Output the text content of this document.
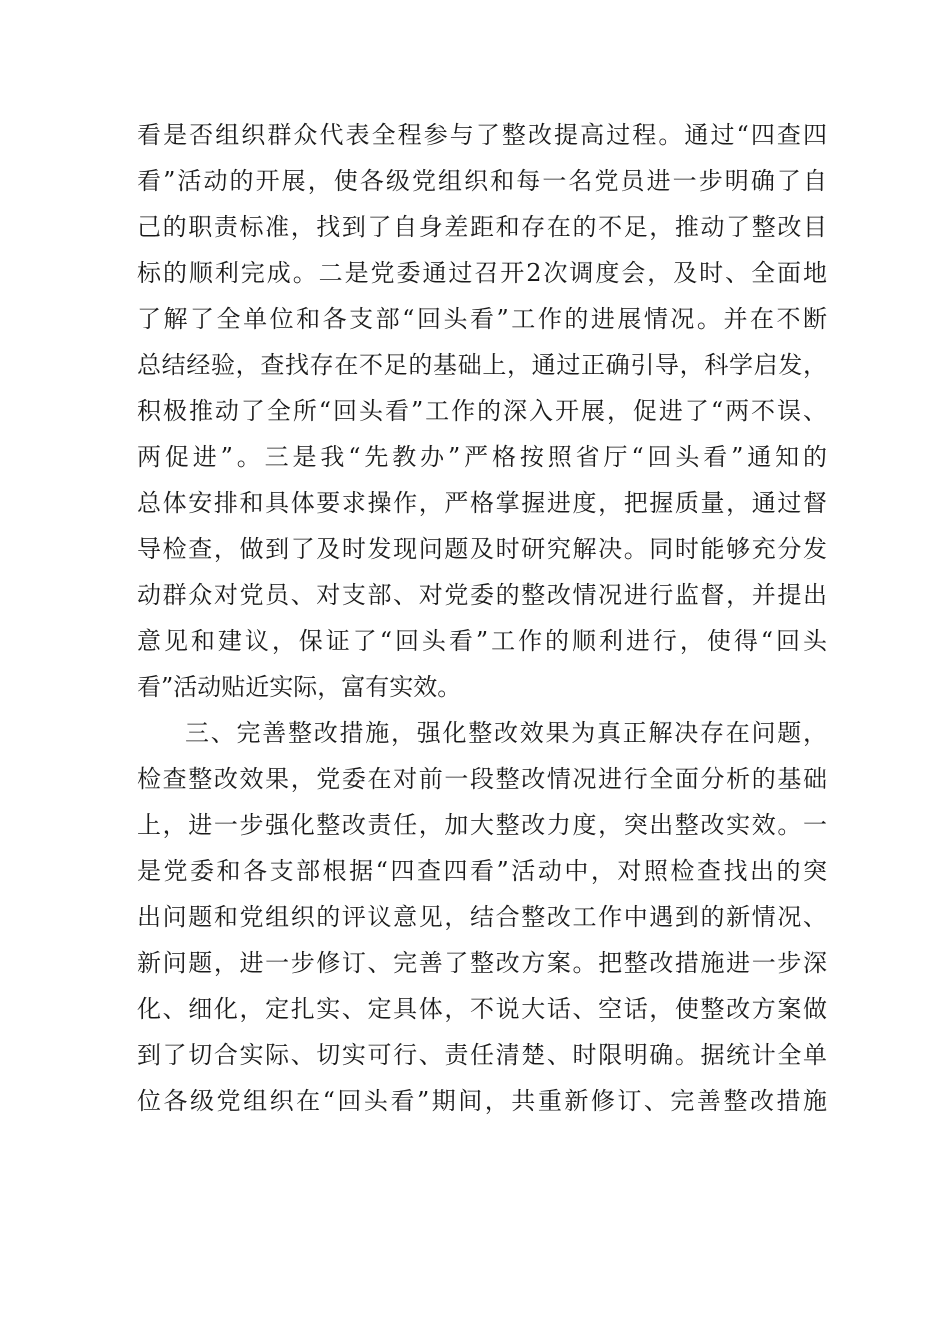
看是否组织群众代表全程参与了整改提高过程。通过“四查四
看”活动的开展，使各级党组织和每一名党员进一步明确了自
己的职责标准，找到了自身差距和存在的不足，推动了整改目
标的顺利完成。二是党委通过召开2次调度会，及时、全面地
了解了全单位和各支部“回头看”工作的进展情况。并在不断
总结经验，查找存在不足的基础上，通过正确引导，科学启发，
积极推动了全所“回头看”工作的深入开展，促进了“两不误、
两促进”。三是我“先教办”严格按照省厅“回头看”通知的
总体安排和具体要求操作，严格掌握进度，把握质量，通过督
导检查，做到了及时发现问题及时研究解决。同时能够充分发
动群众对党员、对支部、对党委的整改情况进行监督，并提出
意见和建议，保证了“回头看”工作的顺利进行，使得“回头
看”活动贴近实际，富有实效。
三、完善整改措施，强化整改效果为真正解决存在问题，
检查整改效果，党委在对前一段整改情况进行全面分析的基础
上，进一步强化整改责任，加大整改力度，突出整改实效。一
是党委和各支部根据“四查四看”活动中，对照检查找出的突
出问题和党组织的评议意见，结合整改工作中遇到的新情况、
新问题，进一步修订、完善了整改方案。把整改措施进一步深
化、细化，定扎实、定具体，不说大话、空话，使整改方案做
到了切合实际、切实可行、责任清楚、时限明确。据统计全单
位各级党组织在“回头看”期间，共重新修订、完善整改措施
